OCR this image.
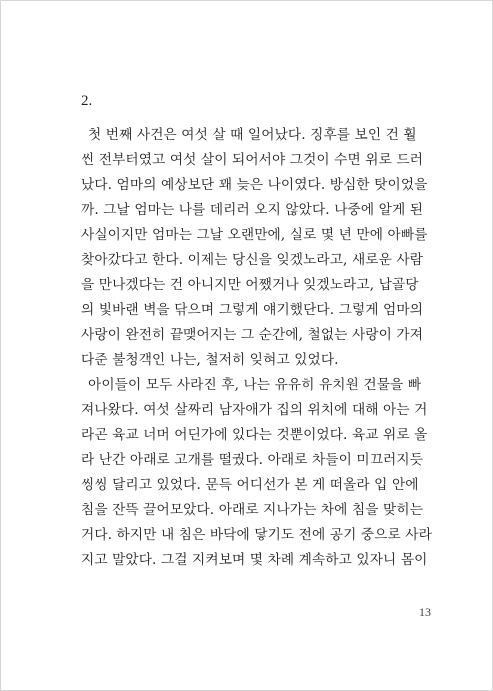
2.
첫 번째 사건은 여섯 살 때 일어났다. 징후를 보인 건 훨
씬 전부터였고 여섯 살이 되어서야 그것이 수면 위로 드러
났다. 엄마의 예상보단 꽤 늦은 나이였다. 방심한 탓이었을
까. 그날 엄마는 나를 데리러 오지 않았다. 나중에 알게 된
사실이지만 엄마는 그날 오랜만에, 실로 몇 년 만에 아빠를
찾아갔다고 한다. 이제는 당신을 잊겠노라고, 새로운 사람
을 만나겠다는 건 아니지만 어쨌거나 잊겠노라고, 납골당
의 빛바랜 벽을 닦으며 그렇게 얘기했단다. 그렇게 엄마의
사랑이 완전히 끝맺어지는 그 순간에, 철없는 사랑이 가져
다준 불청객인 나는, 철저히 잊혀고 있었다.
아이들이 모두 사라진 후, 나는 유유히 유치원 건물을 빠
져나왔다. 여섯 살짜리 남자애가 집의 위치에 대해 아는 거
라곤 육교 너머 어딘가에 있다는 것뿐이었다. 육교 위로 올
라 난간 아래로 고개를 떨궜다. 아래로 차들이 미끄러지듯
씽씽 달리고 있었다. 문득 어디선가 본 게 떠올라 입 안에
침을 잔뜩 끌어모았다. 아래로 지나가는 차에 침을 맞히는
거다. 하지만 내 침은 바닥에 닿기도 전에 공기 중으로 사라
지고 말았다. 그걸 지켜보며 몇 차례 계속하고 있자니 몸이
13
